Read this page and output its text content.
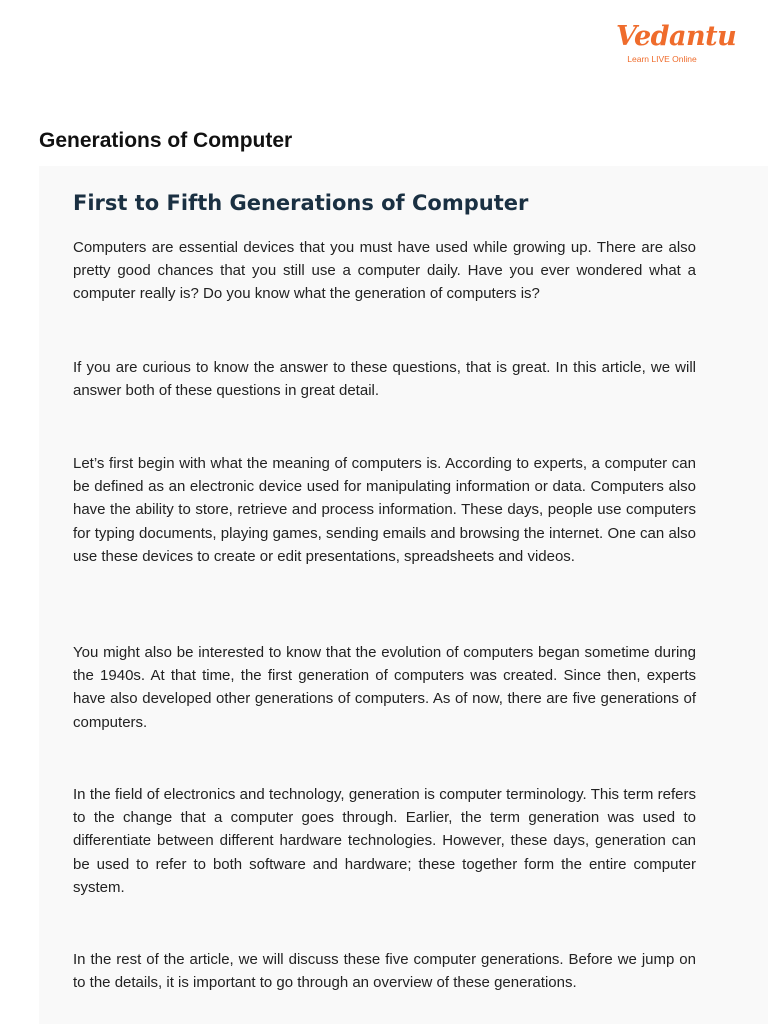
Vedantu
Learn LIVE Online
Generations of Computer
First to Fifth Generations of Computer

Computers are essential devices that you must have used while growing up. There are also pretty good chances that you still use a computer daily. Have you ever wondered what a computer really is? Do you know what the generation of computers is?

If you are curious to know the answer to these questions, that is great. In this article, we will answer both of these questions in great detail.

Let’s first begin with what the meaning of computers is. According to experts, a computer can be defined as an electronic device used for manipulating information or data. Computers also have the ability to store, retrieve and process information. These days, people use computers for typing documents, playing games, sending emails and browsing the internet. One can also use these devices to create or edit presentations, spreadsheets and videos.

You might also be interested to know that the evolution of computers began sometime during the 1940s. At that time, the first generation of computers was created. Since then, experts have also developed other generations of computers. As of now, there are five generations of computers.

In the field of electronics and technology, generation is computer terminology. This term refers to the change that a computer goes through. Earlier, the term generation was used to differentiate between different hardware technologies. However, these days, generation can be used to refer to both software and hardware; these together form the entire computer system.

In the rest of the article, we will discuss these five computer generations. Before we jump on to the details, it is important to go through an overview of these generations.
